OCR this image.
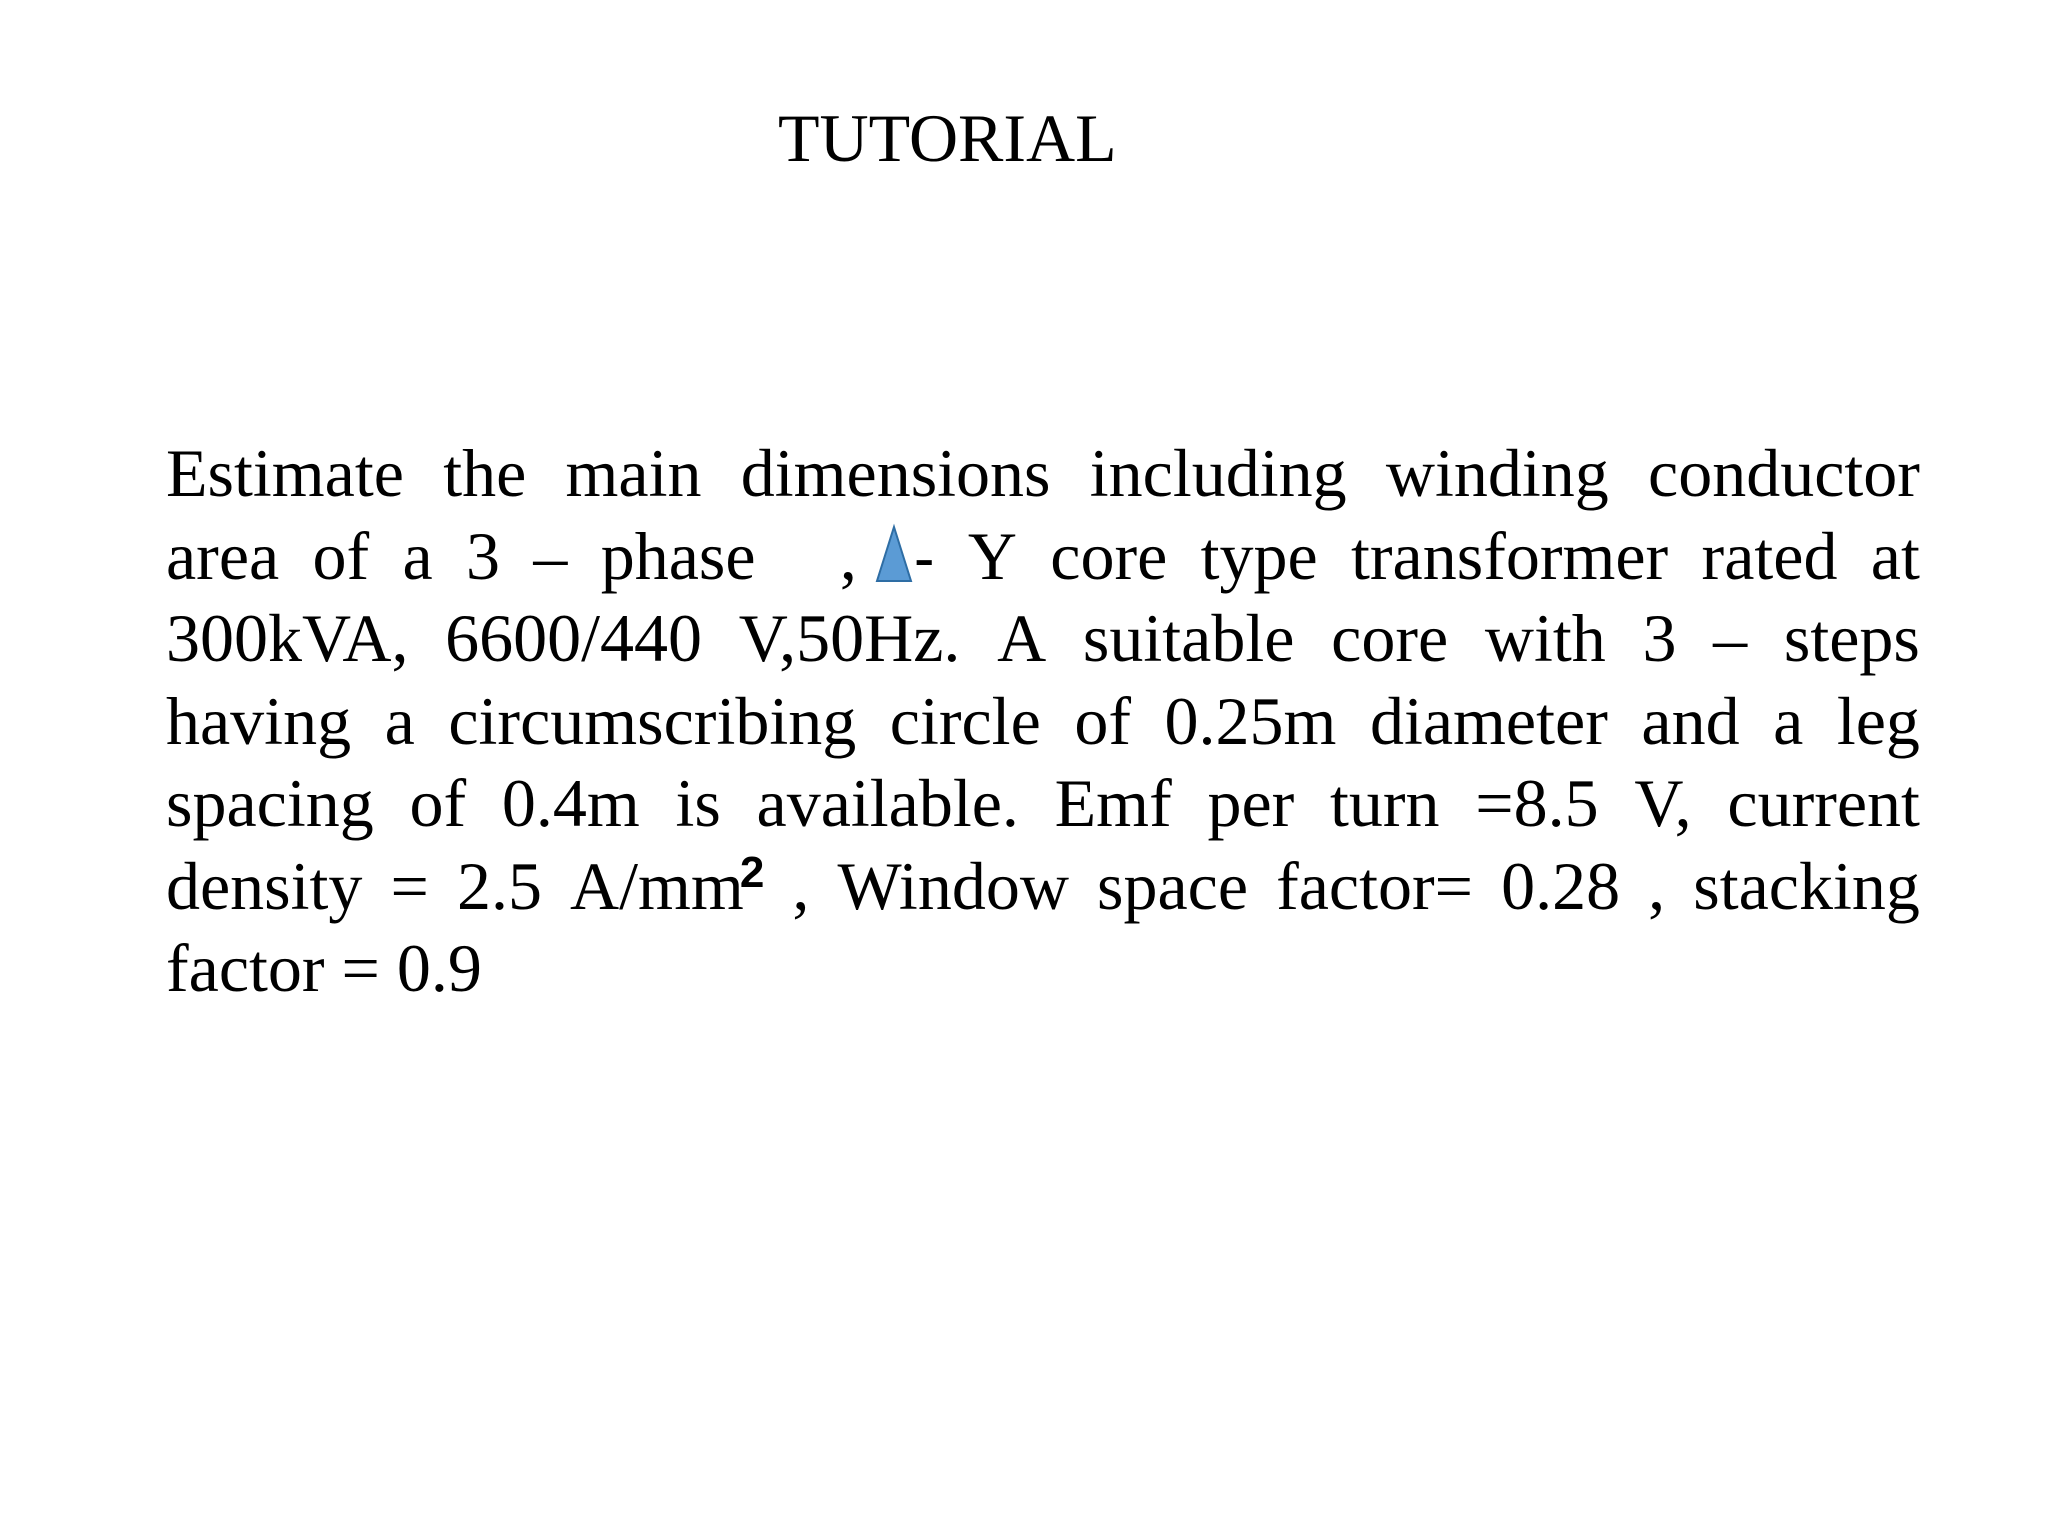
TUTORIAL
Estimate the main dimensions including winding conductor
area of a 3 – phase	, - Y core type transformer rated at
300kVA, 6600/440 V,50Hz. A suitable core with 3 – steps
having a circumscribing circle of 0.25m diameter and a leg
spacing of 0.4m is available. Emf per turn =8.5 V, current
density = 2.5 A/mm2 , Window space factor= 0.28 , stacking
factor = 0.9
